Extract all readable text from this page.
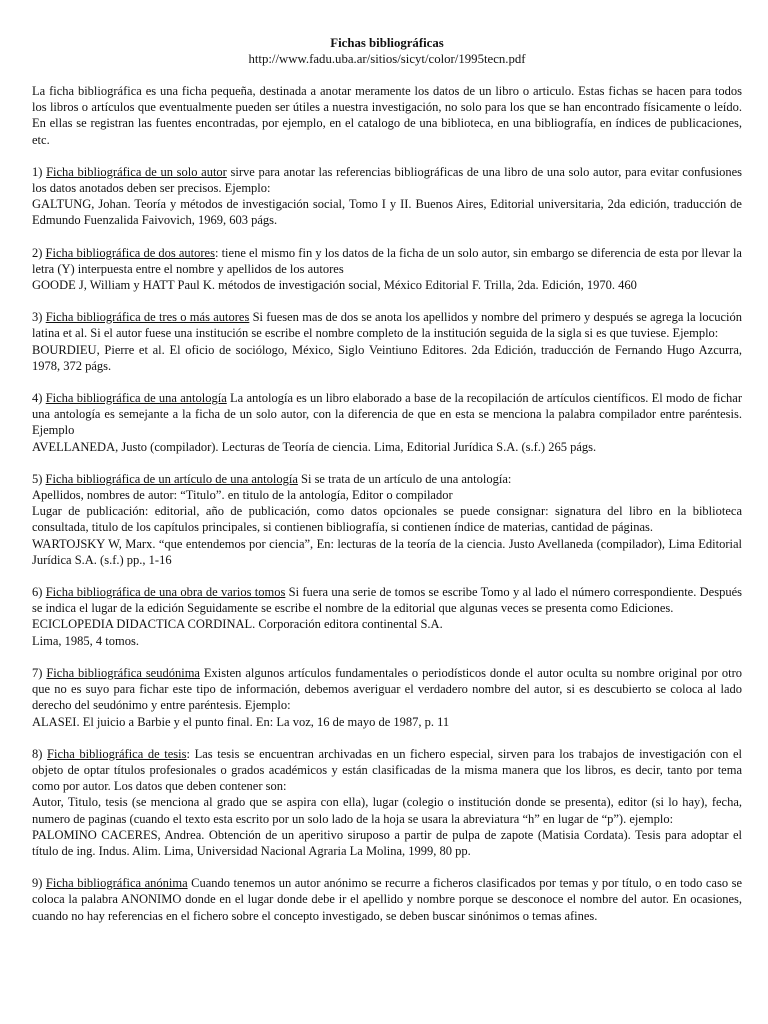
Fichas bibliográficas
http://www.fadu.uba.ar/sitios/sicyt/color/1995tecn.pdf

La ficha bibliográfica es una ficha pequeña, destinada a anotar meramente los datos de un libro o articulo. Estas fichas se hacen para todos los libros o artículos que eventualmente pueden ser útiles a nuestra investigación, no solo para los que se han encontrado físicamente o leído. En ellas se registran las fuentes encontradas, por ejemplo, en el catalogo de una biblioteca, en una bibliografía, en índices de publicaciones, etc.

1) Ficha bibliográfica de un solo autor sirve para anotar las referencias bibliográficas de una libro de una solo autor, para evitar confusiones los datos anotados deben ser precisos. Ejemplo:
GALTUNG, Johan. Teoría y métodos de investigación social, Tomo I y II. Buenos Aires, Editorial universitaria, 2da edición, traducción de Edmundo Fuenzalida Faivovich, 1969, 603 págs.
2) Ficha bibliográfica de dos autores: tiene el mismo fin y los datos de la ficha de un solo autor, sin embargo se diferencia de esta por llevar la letra (Y) interpuesta entre el nombre y apellidos de los autores
GOODE J, William y HATT Paul K. métodos de investigación social, México Editorial F. Trilla, 2da. Edición, 1970. 460
3) Ficha bibliográfica de tres o más autores Si fuesen mas de dos se anota los apellidos y nombre del primero y después se agrega la locución latina et al. Si el autor fuese una institución se escribe el nombre completo de la institución seguida de la sigla si es que tuviese. Ejemplo:
BOURDIEU, Pierre et al. El oficio de sociólogo, México, Siglo Veintiuno Editores. 2da Edición, traducción de Fernando Hugo Azcurra, 1978, 372 págs.
4) Ficha bibliográfica de una antología La antología es un libro elaborado a base de la recopilación de artículos científicos. El modo de fichar una antología es semejante a la ficha de un solo autor, con la diferencia de que en esta se menciona la palabra compilador entre paréntesis. Ejemplo
AVELLANEDA, Justo (compilador). Lecturas de Teoría de ciencia. Lima, Editorial Jurídica S.A. (s.f.) 265 págs.
5) Ficha bibliográfica de un artículo de una antología Si se trata de un artículo de una antología:
Apellidos, nombres de autor: “Titulo”. en titulo de la antología, Editor o compilador
Lugar de publicación: editorial, año de publicación, como datos opcionales se puede consignar: signatura del libro en la biblioteca consultada, titulo de los capítulos principales, si contienen bibliografía, si contienen índice de materias, cantidad de páginas.
WARTOJSKY W, Marx. “que entendemos por ciencia”, En: lecturas de la teoría de la ciencia. Justo Avellaneda (compilador), Lima Editorial Jurídica S.A. (s.f.) pp., 1-16
6) Ficha bibliográfica de una obra de varios tomos Si fuera una serie de tomos se escribe Tomo y al lado el número correspondiente. Después se indica el lugar de la edición Seguidamente se escribe el nombre de la editorial que algunas veces se presenta como Ediciones.
ECICLOPEDIA DIDACTICA CORDINAL. Corporación editora continental S.A.
Lima, 1985, 4 tomos.
7) Ficha bibliográfica seudónima Existen algunos artículos fundamentales o periodísticos donde el autor oculta su nombre original por otro que no es suyo para fichar este tipo de información, debemos averiguar el verdadero nombre del autor, si es descubierto se coloca al lado derecho del seudónimo y entre paréntesis. Ejemplo:
ALASEI. El juicio a Barbie y el punto final. En: La voz, 16 de mayo de 1987, p. 11
8) Ficha bibliográfica de tesis: Las tesis se encuentran archivadas en un fichero especial, sirven para los trabajos de investigación con el objeto de optar títulos profesionales o grados académicos y están clasificadas de la misma manera que los libros, es decir, tanto por tema como por autor. Los datos que deben contener son:
Autor, Titulo, tesis (se menciona al grado que se aspira con ella), lugar (colegio o institución donde se presenta), editor (si lo hay), fecha, numero de paginas (cuando el texto esta escrito por un solo lado de la hoja se usara la abreviatura “h” en lugar de “p”). ejemplo:
PALOMINO CACERES, Andrea. Obtención de un aperitivo siruposo a partir de pulpa de zapote (Matisia Cordata). Tesis para adoptar el título de ing. Indus. Alim. Lima, Universidad Nacional Agraria La Molina, 1999, 80 pp.
9) Ficha bibliográfica anónima Cuando tenemos un autor anónimo se recurre a ficheros clasificados por temas y por título, o en todo caso se coloca la palabra ANONIMO donde en el lugar donde debe ir el apellido y nombre porque se desconoce el nombre del autor. En ocasiones, cuando no hay referencias en el fichero sobre el concepto investigado, se deben buscar sinónimos o temas afines.
